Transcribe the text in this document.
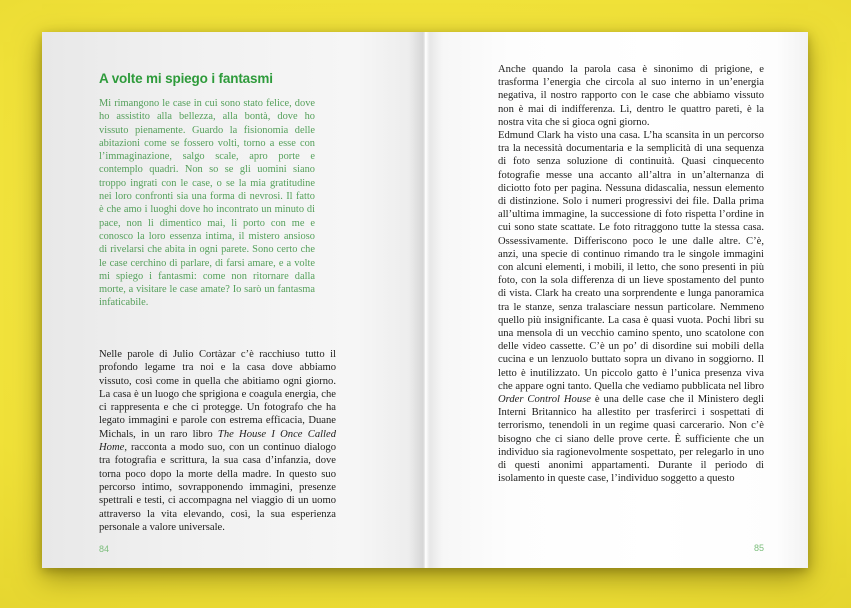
A volte mi spiego i fantasmi

Mi rimangono le case in cui sono stato felice, dove ho assistito alla bellezza, alla bontà, dove ho vissuto pienamente. Guardo la fisionomia delle abitazioni come se fossero volti, torno a esse con l’immaginazione, salgo scale, apro porte e contemplo quadri. Non so se gli uomini siano troppo ingrati con le case, o se la mia gratitudine nei loro confronti sia una forma di nevrosi. Il fatto è che amo i luoghi dove ho incontrato un minuto di pace, non li dimentico mai, li porto con me e conosco la loro essenza intima, il mistero ansioso di rivelarsi che abita in ogni parete. Sono certo che le case cerchino di parlare, di farsi amare, e a volte mi spiego i fantasmi: come non ritornare dalla morte, a visitare le case amate? Io sarò un fantasma infaticabile.

Nelle parole di Julio Cortàzar c’è racchiuso tutto il profondo legame tra noi e la casa dove abbiamo vissuto, così come in quella che abitiamo ogni giorno. La casa è un luogo che sprigiona e coagula energia, che ci rappresenta e che ci protegge. Un fotografo che ha legato immagini e parole con estrema efficacia, Duane Michals, in un raro libro The House I Once Called Home, racconta a modo suo, con un continuo dialogo tra fotografia e scrittura, la sua casa d’infanzia, dove torna poco dopo la morte della madre. In questo suo percorso intimo, sovrapponendo immagini, presenze spettrali e testi, ci accompagna nel viaggio di un uomo attraverso la vita elevando, così, la sua esperienza personale a valore universale.

84

Anche quando la parola casa è sinonimo di prigione, e trasforma l’energia che circola al suo interno in un’energia negativa, il nostro rapporto con le case che abbiamo vissuto non è mai di indifferenza. Lì, dentro le quattro pareti, è la nostra vita che si gioca ogni giorno.

Edmund Clark ha visto una casa. L’ha scansita in un percorso tra la necessità documentaria e la semplicità di una sequenza di foto senza soluzione di continuità. Quasi cinquecento fotografie messe una accanto all’altra in un’alternanza di diciotto foto per pagina. Nessuna didascalia, nessun elemento di distinzione. Solo i numeri progressivi dei file. Dalla prima all’ultima immagine, la successione di foto rispetta l’ordine in cui sono state scattate. Le foto ritraggono tutte la stessa casa. Ossessivamente. Differiscono poco le une dalle altre. C’è, anzi, una specie di continuo rimando tra le singole immagini con alcuni elementi, i mobili, il letto, che sono presenti in più foto, con la sola differenza di un lieve spostamento del punto di vista. Clark ha creato una sorprendente e lunga panoramica tra le stanze, senza tralasciare nessun particolare. Nemmeno quello più insignificante. La casa è quasi vuota. Pochi libri su una mensola di un vecchio camino spento, uno scatolone con delle video cassette. C’è un po’ di disordine sui mobili della cucina e un lenzuolo buttato sopra un divano in soggiorno. Il letto è inutilizzato. Un piccolo gatto è l’unica presenza viva che appare ogni tanto. Quella che vediamo pubblicata nel libro Order Control House è una delle case che il Ministero degli Interni Britannico ha allestito per trasferirci i sospettati di terrorismo, tenendoli in un regime quasi carcerario. Non c’è bisogno che ci siano delle prove certe. È sufficiente che un individuo sia ragionevolmente sospettato, per relegarlo in uno di questi anonimi appartamenti. Durante il periodo di isolamento in queste case, l’individuo soggetto a questo

85
